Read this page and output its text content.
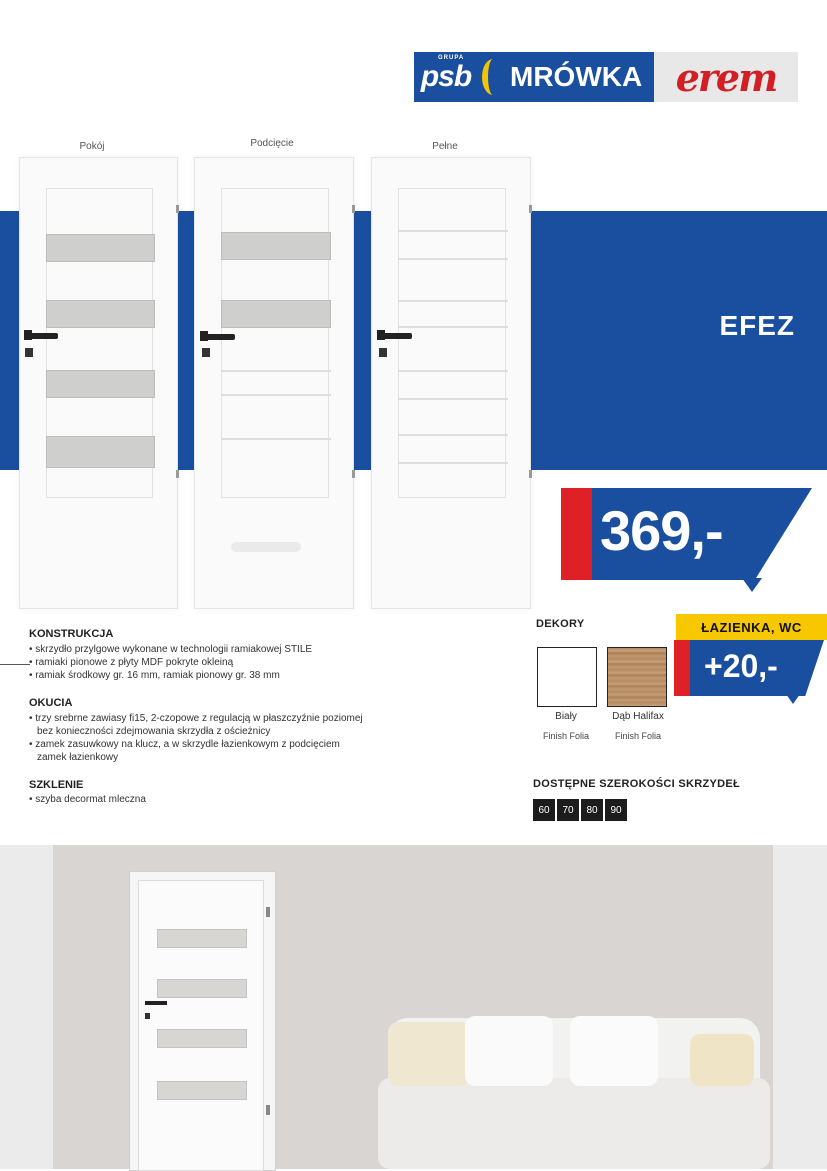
GRUPA
psb MRÓWKA erem
EFEZ
Pokój	Podcięcie	Pełne
369,-
ŁAZIENKA, WC
+20,-
KONSTRUKCJA
• skrzydło przylgowe wykonane w technologii ramiakowej STILE
• ramiaki pionowe z płyty MDF pokryte okleiną
• ramiak środkowy gr. 16 mm, ramiak pionowy gr. 38 mm
OKUCIA
• trzy srebrne zawiasy fi15, 2-czopowe z regulacją w płaszczyźnie poziomej
bez konieczności zdejmowania skrzydła z ościeżnicy
• zamek zasuwkowy na klucz, a w skrzydle łazienkowym z podcięciem
zamek łazienkowy
SZKLENIE
• szyba decormat mleczna
DEKORY
Biały	Dąb Halifax
Finish Folia	Finish Folia
DOSTĘPNE SZEROKOŚCI SKRZYDEŁ
60	70	80	90
